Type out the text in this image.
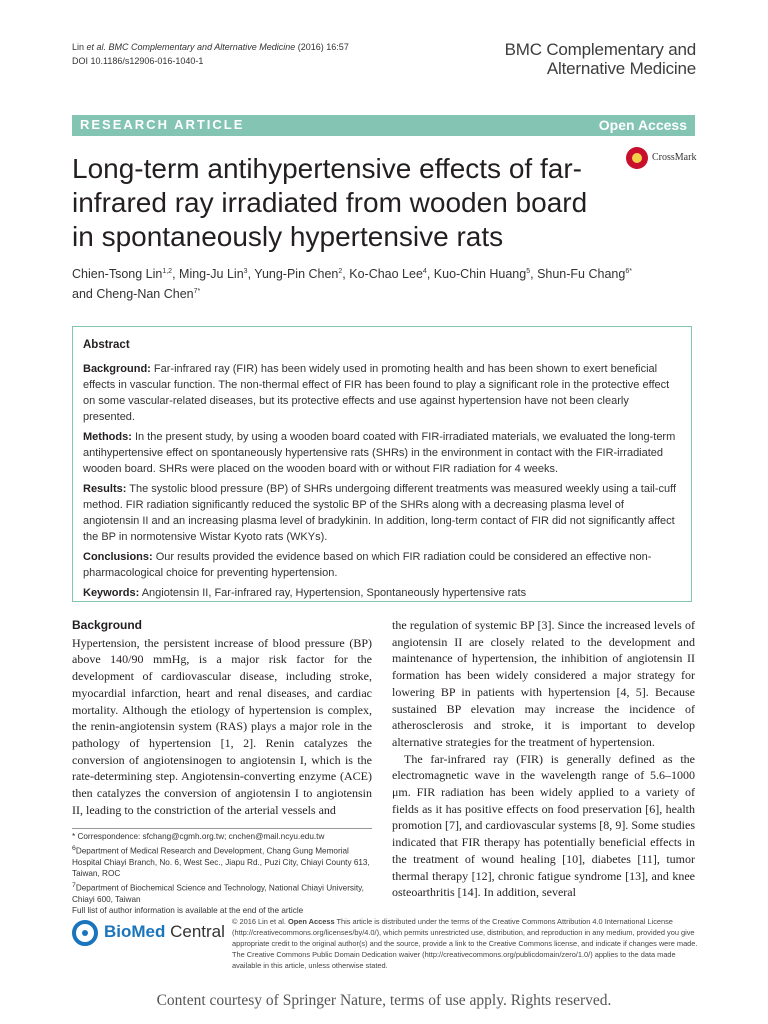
Lin et al. BMC Complementary and Alternative Medicine (2016) 16:57
DOI 10.1186/s12906-016-1040-1
BMC Complementary and
Alternative Medicine
RESEARCH ARTICLE	Open Access
Long-term antihypertensive effects of far-infrared ray irradiated from wooden board in spontaneously hypertensive rats
CrossMark
Chien-Tsong Lin$^{1,2}$, Ming-Ju Lin$^3$, Yung-Pin Chen$^2$, Ko-Chao Lee$^4$, Kuo-Chin Huang$^5$, Shun-Fu Chang$^{6*}$
and Cheng-Nan Chen$^{7*}$
Abstract

Background: Far-infrared ray (FIR) has been widely used in promoting health and has been shown to exert beneficial effects in vascular function. The non-thermal effect of FIR has been found to play a significant role in the protective effect on some vascular-related diseases, but its protective effects and use against hypertension have not been clearly presented.

Methods: In the present study, by using a wooden board coated with FIR-irradiated materials, we evaluated the long-term antihypertensive effect on spontaneously hypertensive rats (SHRs) in the environment in contact with the FIR-irradiated wooden board. SHRs were placed on the wooden board with or without FIR radiation for 4 weeks.

Results: The systolic blood pressure (BP) of SHRs undergoing different treatments was measured weekly using a tail-cuff method. FIR radiation significantly reduced the systolic BP of the SHRs along with a decreasing plasma level of angiotensin II and an increasing plasma level of bradykinin. In addition, long-term contact of FIR did not significantly affect the BP in normotensive Wistar Kyoto rats (WKYs).

Conclusions: Our results provided the evidence based on which FIR radiation could be considered an effective non-pharmacological choice for preventing hypertension.

Keywords: Angiotensin II, Far-infrared ray, Hypertension, Spontaneously hypertensive rats

Background

Hypertension, the persistent increase of blood pressure (BP) above 140/90 mmHg, is a major risk factor for the development of cardiovascular disease, including stroke, myocardial infarction, heart and renal diseases, and cardiac mortality. Although the etiology of hypertension is complex, the renin-angiotensin system (RAS) plays a major role in the pathology of hypertension [1, 2]. Renin catalyzes the conversion of angiotensinogen to angiotensin I, which is the rate-determining step. Angiotensin-converting enzyme (ACE) then catalyzes the conversion of angiotensin I to angiotensin II, leading to the constriction of the arterial vessels and

the regulation of systemic BP [3]. Since the increased levels of angiotensin II are closely related to the development and maintenance of hypertension, the inhibition of angiotensin II formation has been widely considered a major strategy for lowering BP in patients with hypertension [4, 5]. Because sustained BP elevation may increase the incidence of atherosclerosis and stroke, it is important to develop alternative strategies for the treatment of hypertension.

The far-infrared ray (FIR) is generally defined as the electromagnetic wave in the wavelength range of 5.6–1000 μm. FIR radiation has been widely applied to a variety of fields as it has positive effects on food preservation [6], health promotion [7], and cardiovascular systems [8, 9]. Some studies indicated that FIR therapy has potentially beneficial effects in the treatment of wound healing [10], diabetes [11], tumor thermal therapy [12], chronic fatigue syndrome [13], and knee osteoarthritis [14]. In addition, several

* Correspondence: sfchang@cgmh.org.tw; cnchen@mail.ncyu.edu.tw

$^6$Department of Medical Research and Development, Chang Gung Memorial Hospital Chiayi Branch, No. 6, West Sec., Jiapu Rd., Puzi City, Chiayi County 613, Taiwan, ROC

$^7$Department of Biochemical Science and Technology, National Chiayi University, Chiayi 600, Taiwan

Full list of author information is available at the end of the article

BioMed Central
© 2016 Lin et al. Open Access This article is distributed under the terms of the Creative Commons Attribution 4.0 International License (http://creativecommons.org/licenses/by/4.0/), which permits unrestricted use, distribution, and reproduction in any medium, provided you give appropriate credit to the original author(s) and the source, provide a link to the Creative Commons license, and indicate if changes were made. The Creative Commons Public Domain Dedication waiver (http://creativecommons.org/publicdomain/zero/1.0/) applies to the data made available in this article, unless otherwise stated.
Content courtesy of Springer Nature, terms of use apply. Rights reserved.
